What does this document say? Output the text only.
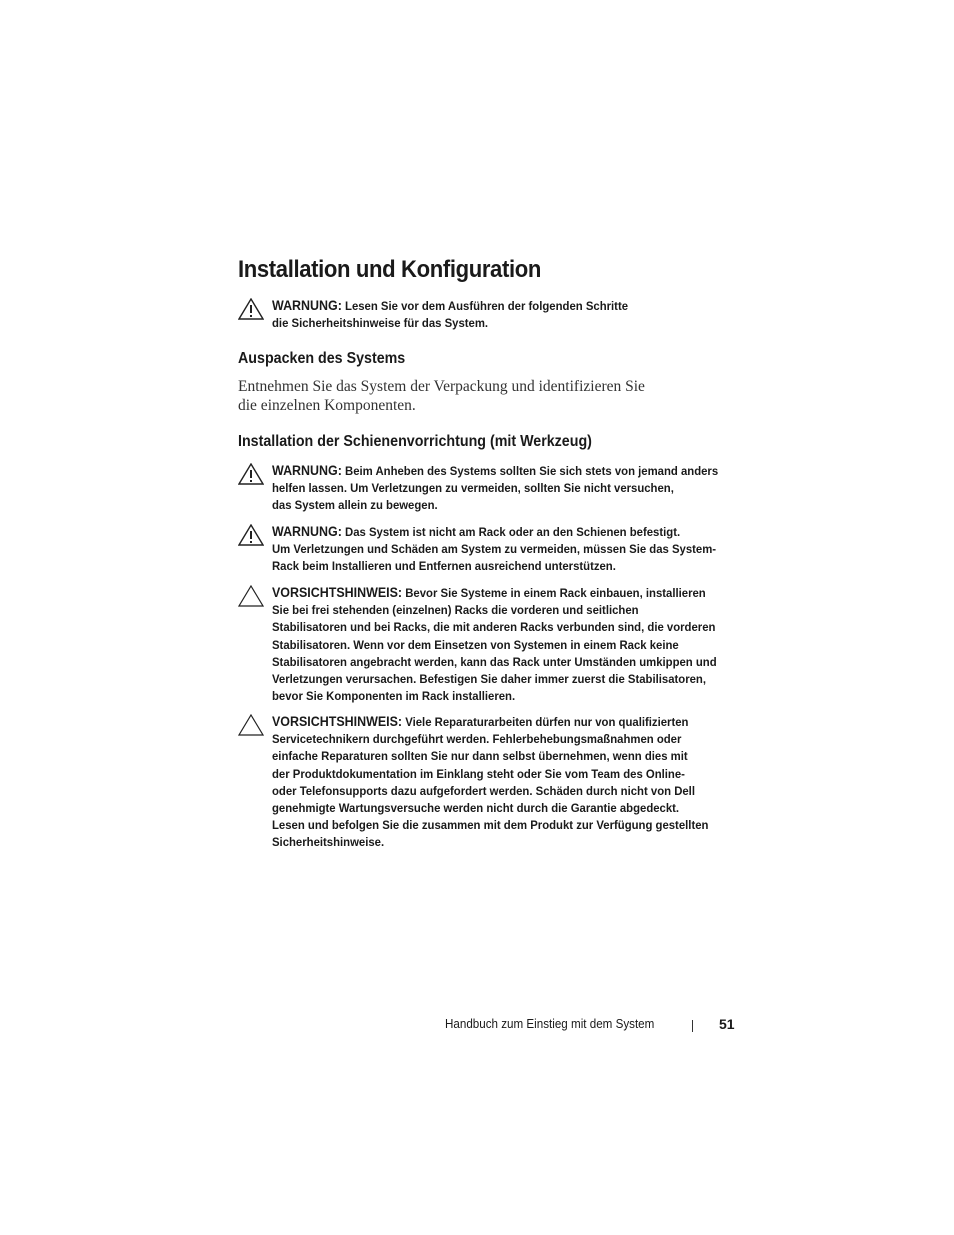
Installation und Konfiguration
WARNUNG: Lesen Sie vor dem Ausführen der folgenden Schritte
die Sicherheitshinweise für das System.
Auspacken des Systems
Entnehmen Sie das System der Verpackung und identifizieren Sie
die einzelnen Komponenten.
Installation der Schienenvorrichtung (mit Werkzeug)
WARNUNG: Beim Anheben des Systems sollten Sie sich stets von jemand anders
helfen lassen. Um Verletzungen zu vermeiden, sollten Sie nicht versuchen,
das System allein zu bewegen.
WARNUNG: Das System ist nicht am Rack oder an den Schienen befestigt.
Um Verletzungen und Schäden am System zu vermeiden, müssen Sie das System-
Rack beim Installieren und Entfernen ausreichend unterstützen.
VORSICHTSHINWEIS: Bevor Sie Systeme in einem Rack einbauen, installieren
Sie bei frei stehenden (einzelnen) Racks die vorderen und seitlichen
Stabilisatoren und bei Racks, die mit anderen Racks verbunden sind, die vorderen
Stabilisatoren. Wenn vor dem Einsetzen von Systemen in einem Rack keine
Stabilisatoren angebracht werden, kann das Rack unter Umständen umkippen und
Verletzungen verursachen. Befestigen Sie daher immer zuerst die Stabilisatoren,
bevor Sie Komponenten im Rack installieren.
VORSICHTSHINWEIS: Viele Reparaturarbeiten dürfen nur von qualifizierten
Servicetechnikern durchgeführt werden. Fehlerbehebungsmaßnahmen oder
einfache Reparaturen sollten Sie nur dann selbst übernehmen, wenn dies mit
der Produktdokumentation im Einklang steht oder Sie vom Team des Online-
oder Telefonsupports dazu aufgefordert werden. Schäden durch nicht von Dell
genehmigte Wartungsversuche werden nicht durch die Garantie abgedeckt.
Lesen und befolgen Sie die zusammen mit dem Produkt zur Verfügung gestellten
Sicherheitshinweise.
Handbuch zum Einstieg mit dem System	51
